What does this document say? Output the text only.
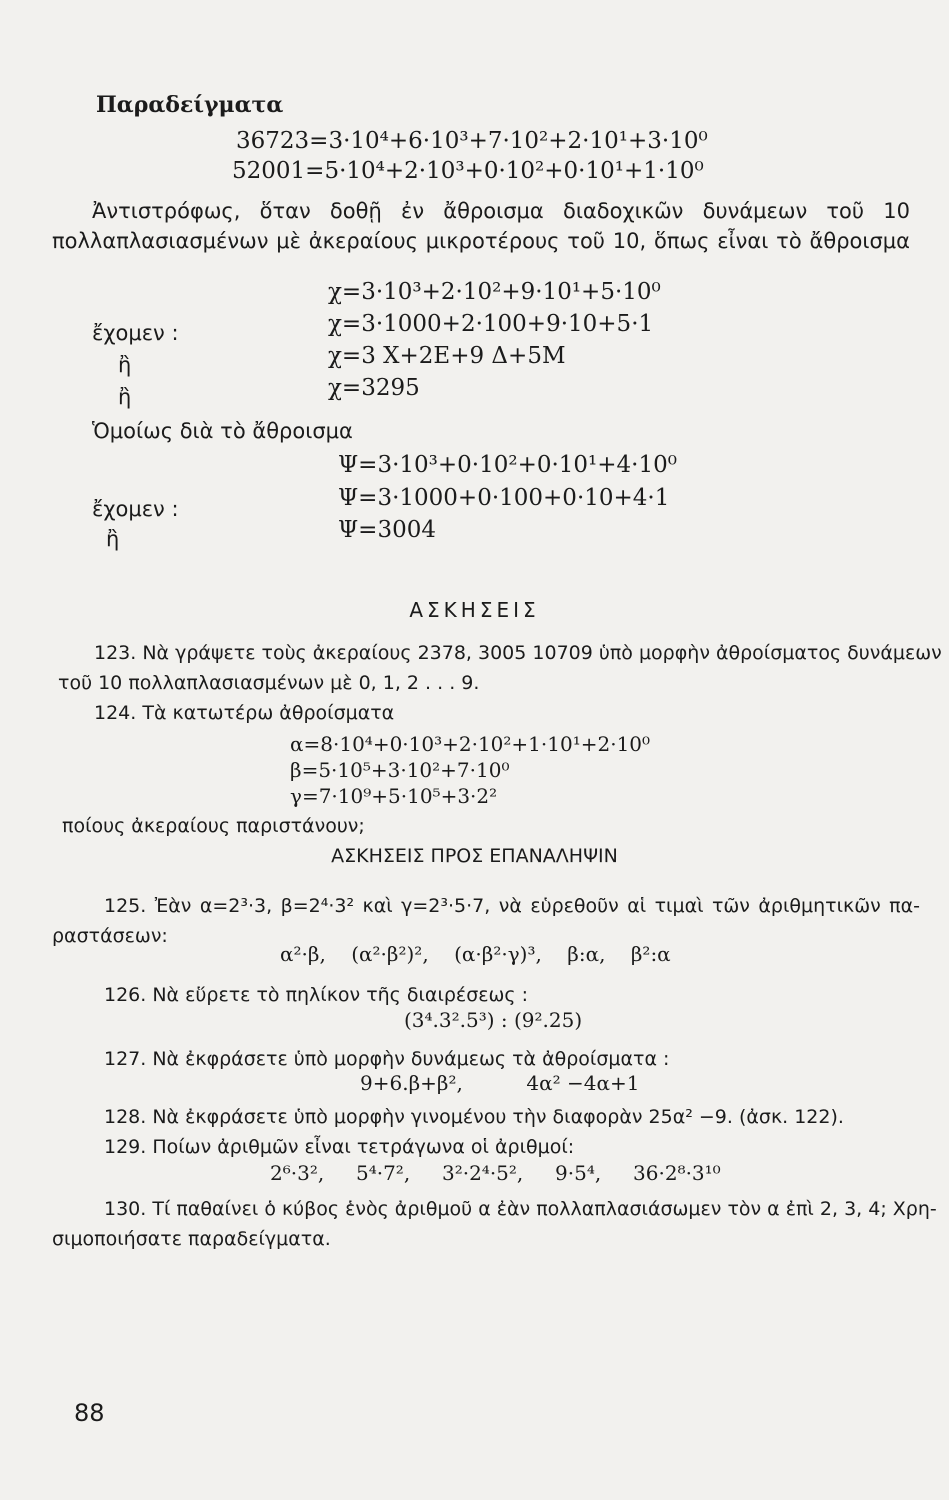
Παραδείγματα
36723=3·10⁴+6·10³+7·10²+2·10¹+3·10⁰
52001=5·10⁴+2·10³+0·10²+0·10¹+1·10⁰
Ἀντιστρόφως, ὅταν δοθῇ ἐν ἄθροισμα διαδοχικῶν δυνάμεων τοῦ 10
πολλαπλασιασμένων μὲ ἀκεραίους μικροτέρους τοῦ 10, ὅπως εἶναι τὸ ἄθροισμα
χ=3·10³+2·10²+9·10¹+5·10⁰
ἔχομεν :	χ=3·1000+2·100+9·10+5·1
ἢ	χ=3 Χ+2Ε+9 Δ+5Μ
ἢ	χ=3295
Ὁμοίως διὰ τὸ ἄθροισμα
Ψ=3·10³+0·10²+0·10¹+4·10⁰
ἔχομεν :	Ψ=3·1000+0·100+0·10+4·1
ἢ	Ψ=3004
ΑΣΚΗΣΕΙΣ
123. Νὰ γράψετε τοὺς ἀκεραίους 2378, 3005 10709 ὑπὸ μορφὴν ἀθροίσματος δυνάμεων
τοῦ 10 πολλαπλασιασμένων μὲ 0, 1, 2 . . . 9.
124. Τὰ κατωτέρω ἀθροίσματα
α=8·10⁴+0·10³+2·10²+1·10¹+2·10⁰
β=5·10⁵+3·10²+7·10⁰
γ=7·10⁹+5·10⁵+3·2²
ποίους ἀκεραίους παριστάνουν;
ΑΣΚΗΣΕΙΣ ΠΡΟΣ ΕΠΑΝΑΛΗΨΙΝ
125. Ἐὰν α=2³·3, β=2⁴·3² καὶ γ=2³·5·7, νὰ εὑρεθοῦν αἱ τιμαὶ τῶν ἀριθμητικῶν πα-
ραστάσεων:
α²·β,    (α²·β²)²,    (α·β²·γ)³,    β:α,    β²:α
126. Νὰ εὕρετε τὸ πηλίκον τῆς διαιρέσεως :
(3⁴.3².5³) : (9².25)
127. Νὰ ἐκφράσετε ὑπὸ μορφὴν δυνάμεως τὰ ἀθροίσματα :
9+6.β+β²,          4α² −4α+1
128. Νὰ ἐκφράσετε ὑπὸ μορφὴν γινομένου τὴν διαφορὰν 25α² −9. (ἀσκ. 122).
129. Ποίων ἀριθμῶν εἶναι τετράγωνα οἱ ἀριθμοί:
2⁶·3²,     5⁴·7²,     3²·2⁴·5²,     9·5⁴,     36·2⁸·3¹⁰
130. Τί παθαίνει ὁ κύβος ἑνὸς ἀριθμοῦ α ἐὰν πολλαπλασιάσωμεν τὸν α ἐπὶ 2, 3, 4; Χρη-
σιμοποιήσατε παραδείγματα.
88
